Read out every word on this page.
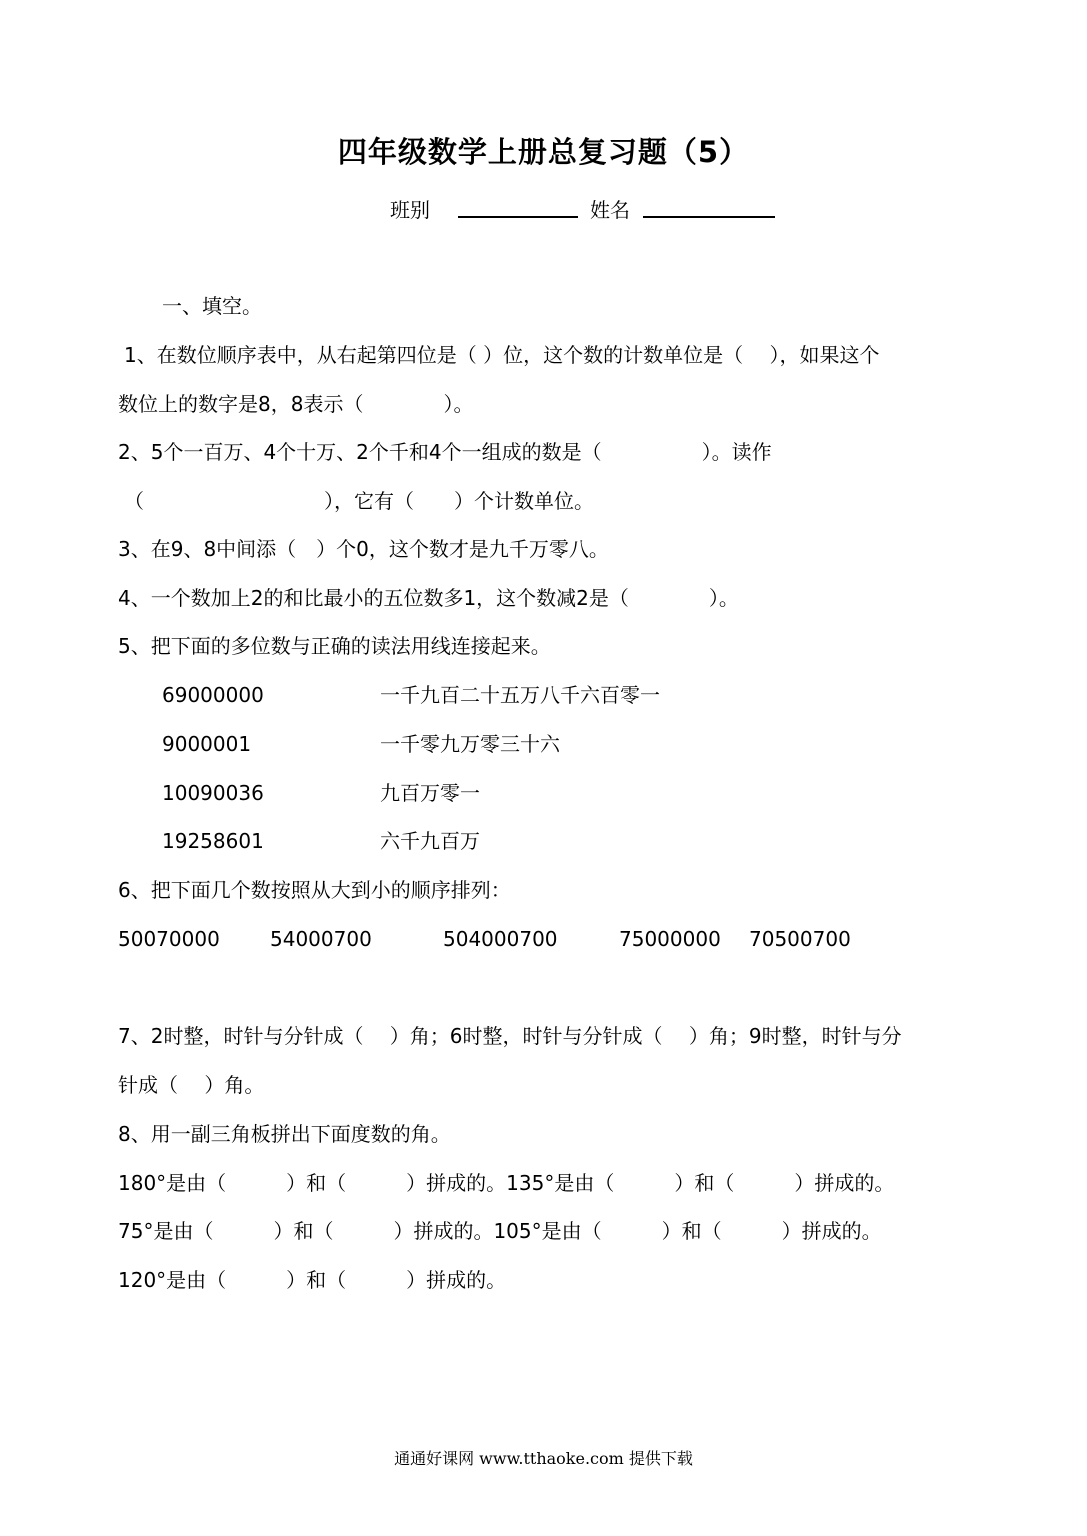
四年级数学上册总复习题（5）
班别	姓名
一、填空。
1、在数位顺序表中，从右起第四位是（ ）位，这个数的计数单位是（　 ），如果这个
数位上的数字是8，8表示（　　　　）。
2、5个一百万、4个十万、2个千和4个一组成的数是（　　　　　）。读作
（　　　　　　　　　），它有（　　）个计数单位。
3、在9、8中间添（　）个0，这个数才是九千万零八。
4、一个数加上2的和比最小的五位数多1，这个数减2是（　　　　）。
5、把下面的多位数与正确的读法用线连接起来。
69000000	一千九百二十五万八千六百零一
9000001	一千零九万零三十六
10090036	九百万零一
19258601	六千九百万
6、把下面几个数按照从大到小的顺序排列：
50070000	54000700	504000700	75000000 70500700
7、2时整，时针与分针成（　 ）角；6时整，时针与分针成（　 ）角；9时整，时针与分
针成（　 ）角。
8、用一副三角板拼出下面度数的角。
180°是由（　　　）和（　　　）拼成的。135°是由（　　　）和（　　　）拼成的。
75°是由（　　　）和（　　　）拼成的。105°是由（　　　）和（　　　）拼成的。
120°是由（　　　）和（　　　）拼成的。
通通好课网 www.tthaoke.com 提供下载
